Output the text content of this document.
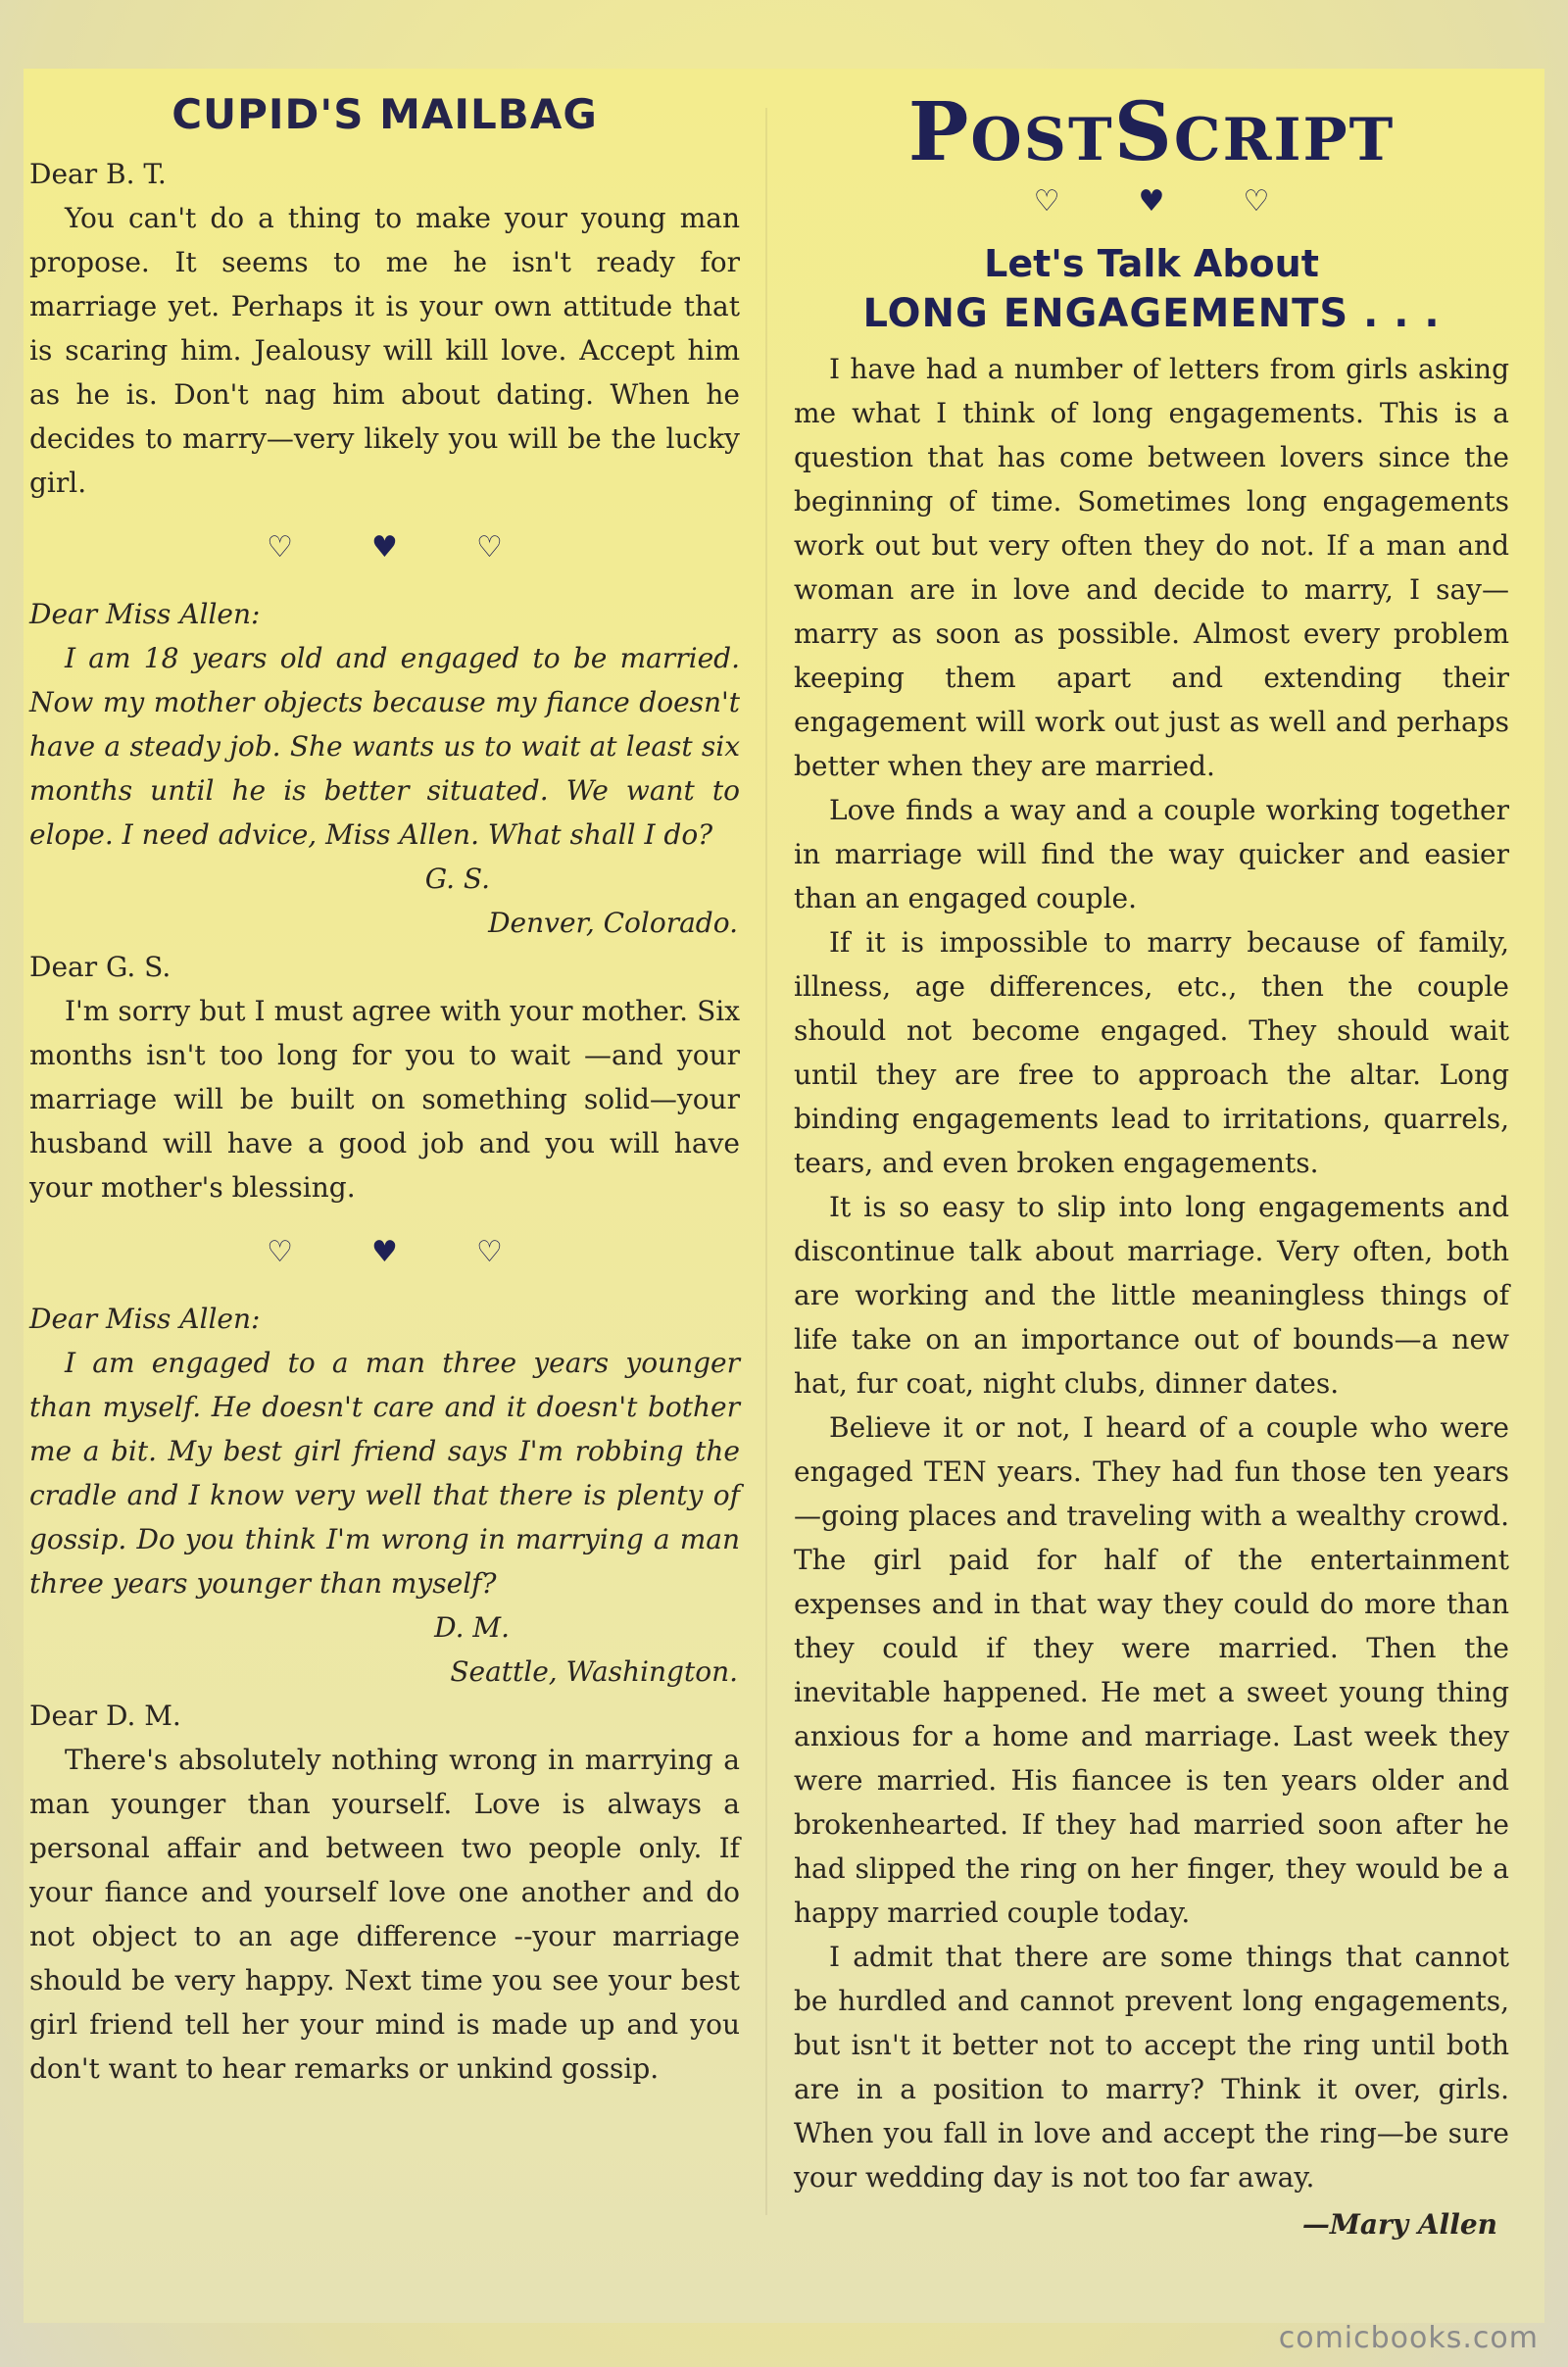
CUPID'S MAILBAG
Dear B. T.

You can't do a thing to make your young man propose. It seems to me he isn't ready for marriage yet. Perhaps it is your own attitude that is scaring him. Jealousy will kill love. Accept him as he is. Don't nag him about dating. When he decides to marry—very likely you will be the lucky girl.

♡♥♡
Dear Miss Allen:

I am 18 years old and engaged to be married. Now my mother objects because my fiance doesn't have a steady job. She wants us to wait at least six months until he is better situated. We want to elope. I need advice, Miss Allen. What shall I do?

G. S.
Denver, Colorado.
Dear G. S.

I'm sorry but I must agree with your mother. Six months isn't too long for you to wait —and your marriage will be built on something solid—your husband will have a good job and you will have your mother's blessing.

♡♥♡
Dear Miss Allen:

I am engaged to a man three years younger than myself. He doesn't care and it doesn't bother me a bit. My best girl friend says I'm robbing the cradle and I know very well that there is plenty of gossip. Do you think I'm wrong in marrying a man three years younger than myself?

D. M.
Seattle, Washington.
Dear D. M.

There's absolutely nothing wrong in marrying a man younger than yourself. Love is always a personal affair and between two people only. If your fiance and yourself love one another and do not object to an age difference --your marriage should be very happy. Next time you see your best girl friend tell her your mind is made up and you don't want to hear remarks or unkind gossip.

POSTSCRIPT
♡♥♡
Let's Talk About
LONG ENGAGEMENTS . . .

I have had a number of letters from girls asking me what I think of long engagements. This is a question that has come between lovers since the beginning of time. Sometimes long engagements work out but very often they do not. If a man and woman are in love and decide to marry, I say—marry as soon as possible. Almost every problem keeping them apart and extending their engagement will work out just as well and perhaps better when they are married.

Love finds a way and a couple working together in marriage will find the way quicker and easier than an engaged couple.

If it is impossible to marry because of family, illness, age differences, etc., then the couple should not become engaged. They should wait until they are free to approach the altar. Long binding engagements lead to irritations, quarrels, tears, and even broken engagements.

It is so easy to slip into long engagements and discontinue talk about marriage. Very often, both are working and the little meaningless things of life take on an importance out of bounds—a new hat, fur coat, night clubs, dinner dates.

Believe it or not, I heard of a couple who were engaged TEN years. They had fun those ten years—going places and traveling with a wealthy crowd. The girl paid for half of the entertainment expenses and in that way they could do more than they could if they were married. Then the inevitable happened. He met a sweet young thing anxious for a home and marriage. Last week they were married. His fiancee is ten years older and brokenhearted. If they had married soon after he had slipped the ring on her finger, they would be a happy married couple today.

I admit that there are some things that cannot be hurdled and cannot prevent long engagements, but isn't it better not to accept the ring until both are in a position to marry? Think it over, girls. When you fall in love and accept the ring—be sure your wedding day is not too far away.

—Mary Allen
comicbooks.com
